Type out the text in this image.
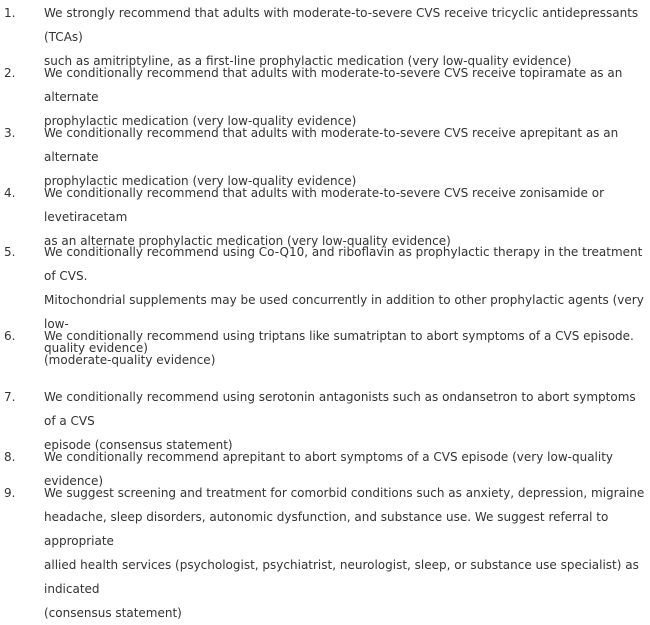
1. We strongly recommend that adults with moderate-to-severe CVS receive tricyclic antidepressants (TCAs)
such as amitriptyline, as a first-line prophylactic medication (very low-quality evidence)
2. We conditionally recommend that adults with moderate-to-severe CVS receive topiramate as an alternate
prophylactic medication (very low-quality evidence)
3. We conditionally recommend that adults with moderate-to-severe CVS receive aprepitant as an alternate
prophylactic medication (very low-quality evidence)
4. We conditionally recommend that adults with moderate-to-severe CVS receive zonisamide or levetiracetam
as an alternate prophylactic medication (very low-quality evidence)
5. We conditionally recommend using Co-Q10, and riboflavin as prophylactic therapy in the treatment of CVS.
Mitochondrial supplements may be used concurrently in addition to other prophylactic agents (very low-
quality evidence)
6. We conditionally recommend using triptans like sumatriptan to abort symptoms of a CVS episode.
(moderate-quality evidence)
7. We conditionally recommend using serotonin antagonists such as ondansetron to abort symptoms of a CVS
episode (consensus statement)
8. We conditionally recommend aprepitant to abort symptoms of a CVS episode (very low-quality evidence)
9. We suggest screening and treatment for comorbid conditions such as anxiety, depression, migraine
headache, sleep disorders, autonomic dysfunction, and substance use. We suggest referral to appropriate
allied health services (psychologist, psychiatrist, neurologist, sleep, or substance use specialist) as indicated
(consensus statement)
